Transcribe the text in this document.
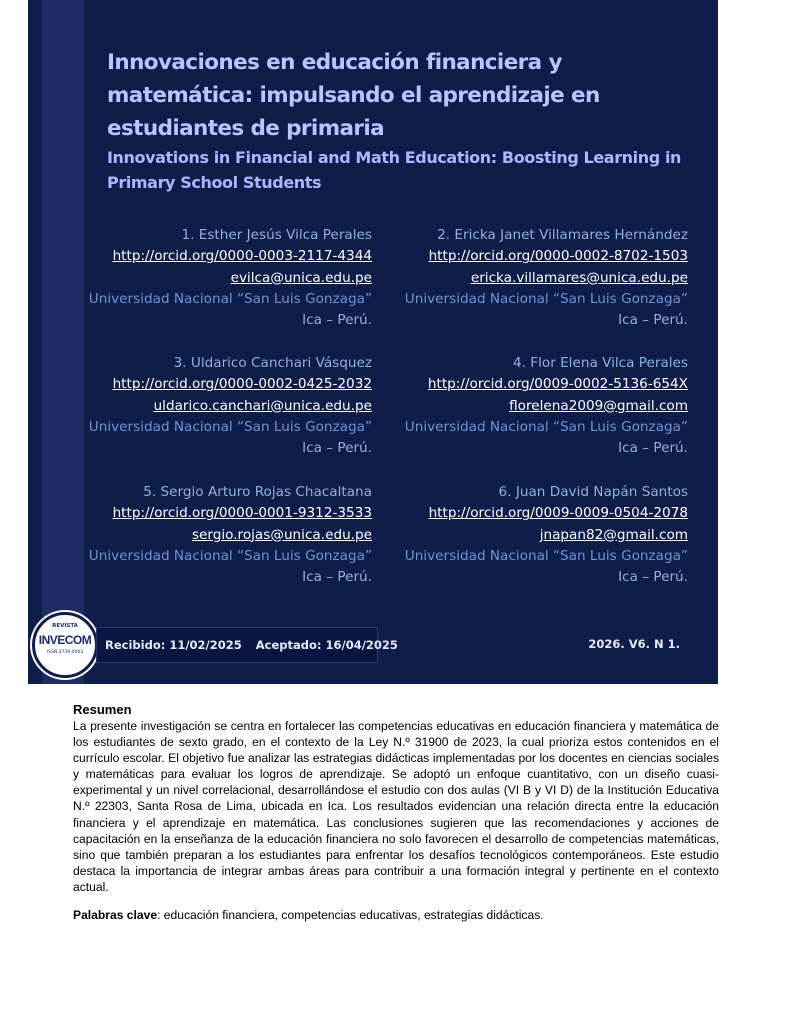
Innovaciones en educación financiera y matemática: impulsando el aprendizaje en estudiantes de primaria
Innovations in Financial and Math Education: Boosting Learning in Primary School Students
1. Esther Jesús Vilca Perales
http://orcid.org/0000-0003-2117-4344
evilca@unica.edu.pe
Universidad Nacional “San Luis Gonzaga”
Ica – Perú.
2. Ericka Janet Villamares Hernández
http://orcid.org/0000-0002-8702-1503
ericka.villamares@unica.edu.pe
Universidad Nacional “San Luis Gonzaga”
Ica – Perú.
3. Uldarico Canchari Vásquez
http://orcid.org/0000-0002-0425-2032
uldarico.canchari@unica.edu.pe
Universidad Nacional “San Luis Gonzaga”
Ica – Perú.
4. Flor Elena Vilca Perales
http://orcid.org/0009-0002-5136-654X
florelena2009@gmail.com
Universidad Nacional “San Luis Gonzaga”
Ica – Perú.
5. Sergio Arturo Rojas Chacaltana
http://orcid.org/0000-0001-9312-3533
sergio.rojas@unica.edu.pe
Universidad Nacional “San Luis Gonzaga”
Ica – Perú.
6. Juan David Napán Santos
http://orcid.org/0009-0009-0504-2078
jnapan82@gmail.com
Universidad Nacional “San Luis Gonzaga”
Ica – Perú.
REVISTA
INVECOM
ISSN 2739-0063
Recibido: 11/02/2025 Aceptado: 16/04/2025	2026. V6. N 1.
Resumen

La presente investigación se centra en fortalecer las competencias educativas en educación financiera y matemática de los estudiantes de sexto grado, en el contexto de la Ley N.º 31900 de 2023, la cual prioriza estos contenidos en el currículo escolar. El objetivo fue analizar las estrategias didácticas implementadas por los docentes en ciencias sociales y matemáticas para evaluar los logros de aprendizaje. Se adoptó un enfoque cuantitativo, con un diseño cuasi-experimental y un nivel correlacional, desarrollándose el estudio con dos aulas (VI B y VI D) de la Institución Educativa N.º 22303, Santa Rosa de Lima, ubicada en Ica. Los resultados evidencian una relación directa entre la educación financiera y el aprendizaje en matemática. Las conclusiones sugieren que las recomendaciones y acciones de capacitación en la enseñanza de la educación financiera no solo favorecen el desarrollo de competencias matemáticas, sino que también preparan a los estudiantes para enfrentar los desafíos tecnológicos contemporáneos. Este estudio destaca la importancia de integrar ambas áreas para contribuir a una formación integral y pertinente en el contexto actual.

Palabras clave: educación financiera, competencias educativas, estrategias didácticas.
